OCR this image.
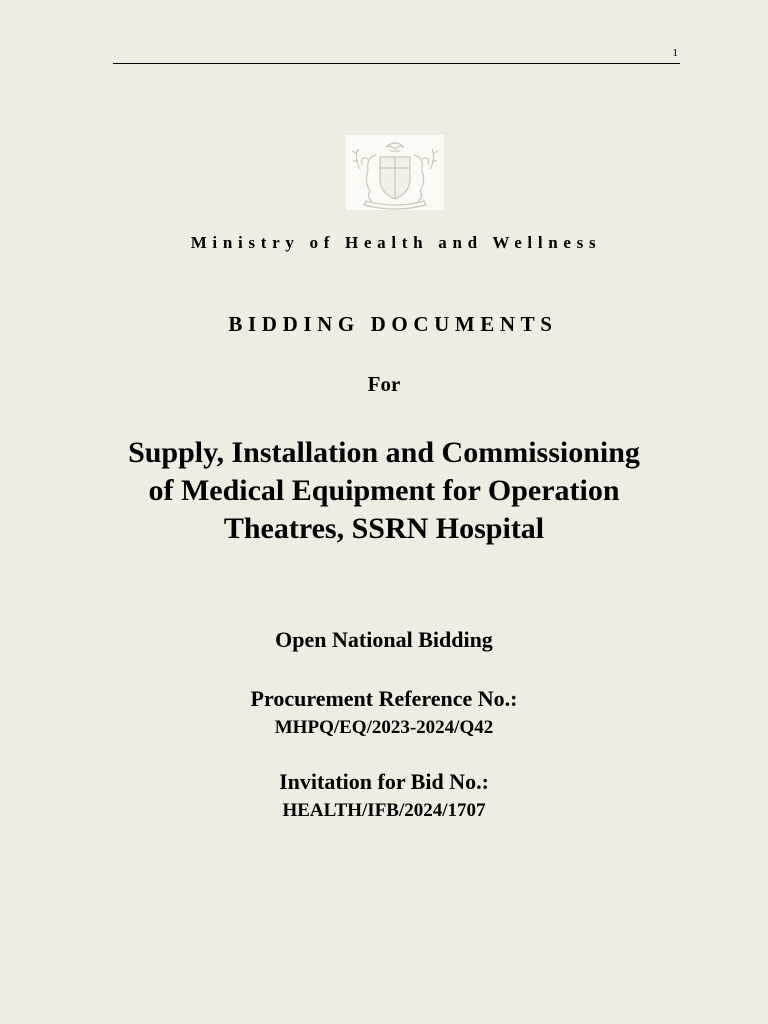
1
Ministry of Health and Wellness
BIDDING DOCUMENTS
For
Supply, Installation and Commissioning
of Medical Equipment for Operation
Theatres, SSRN Hospital
Open National Bidding
Procurement Reference No.:
MHPQ/EQ/2023-2024/Q42
Invitation for Bid No.:
HEALTH/IFB/2024/1707
